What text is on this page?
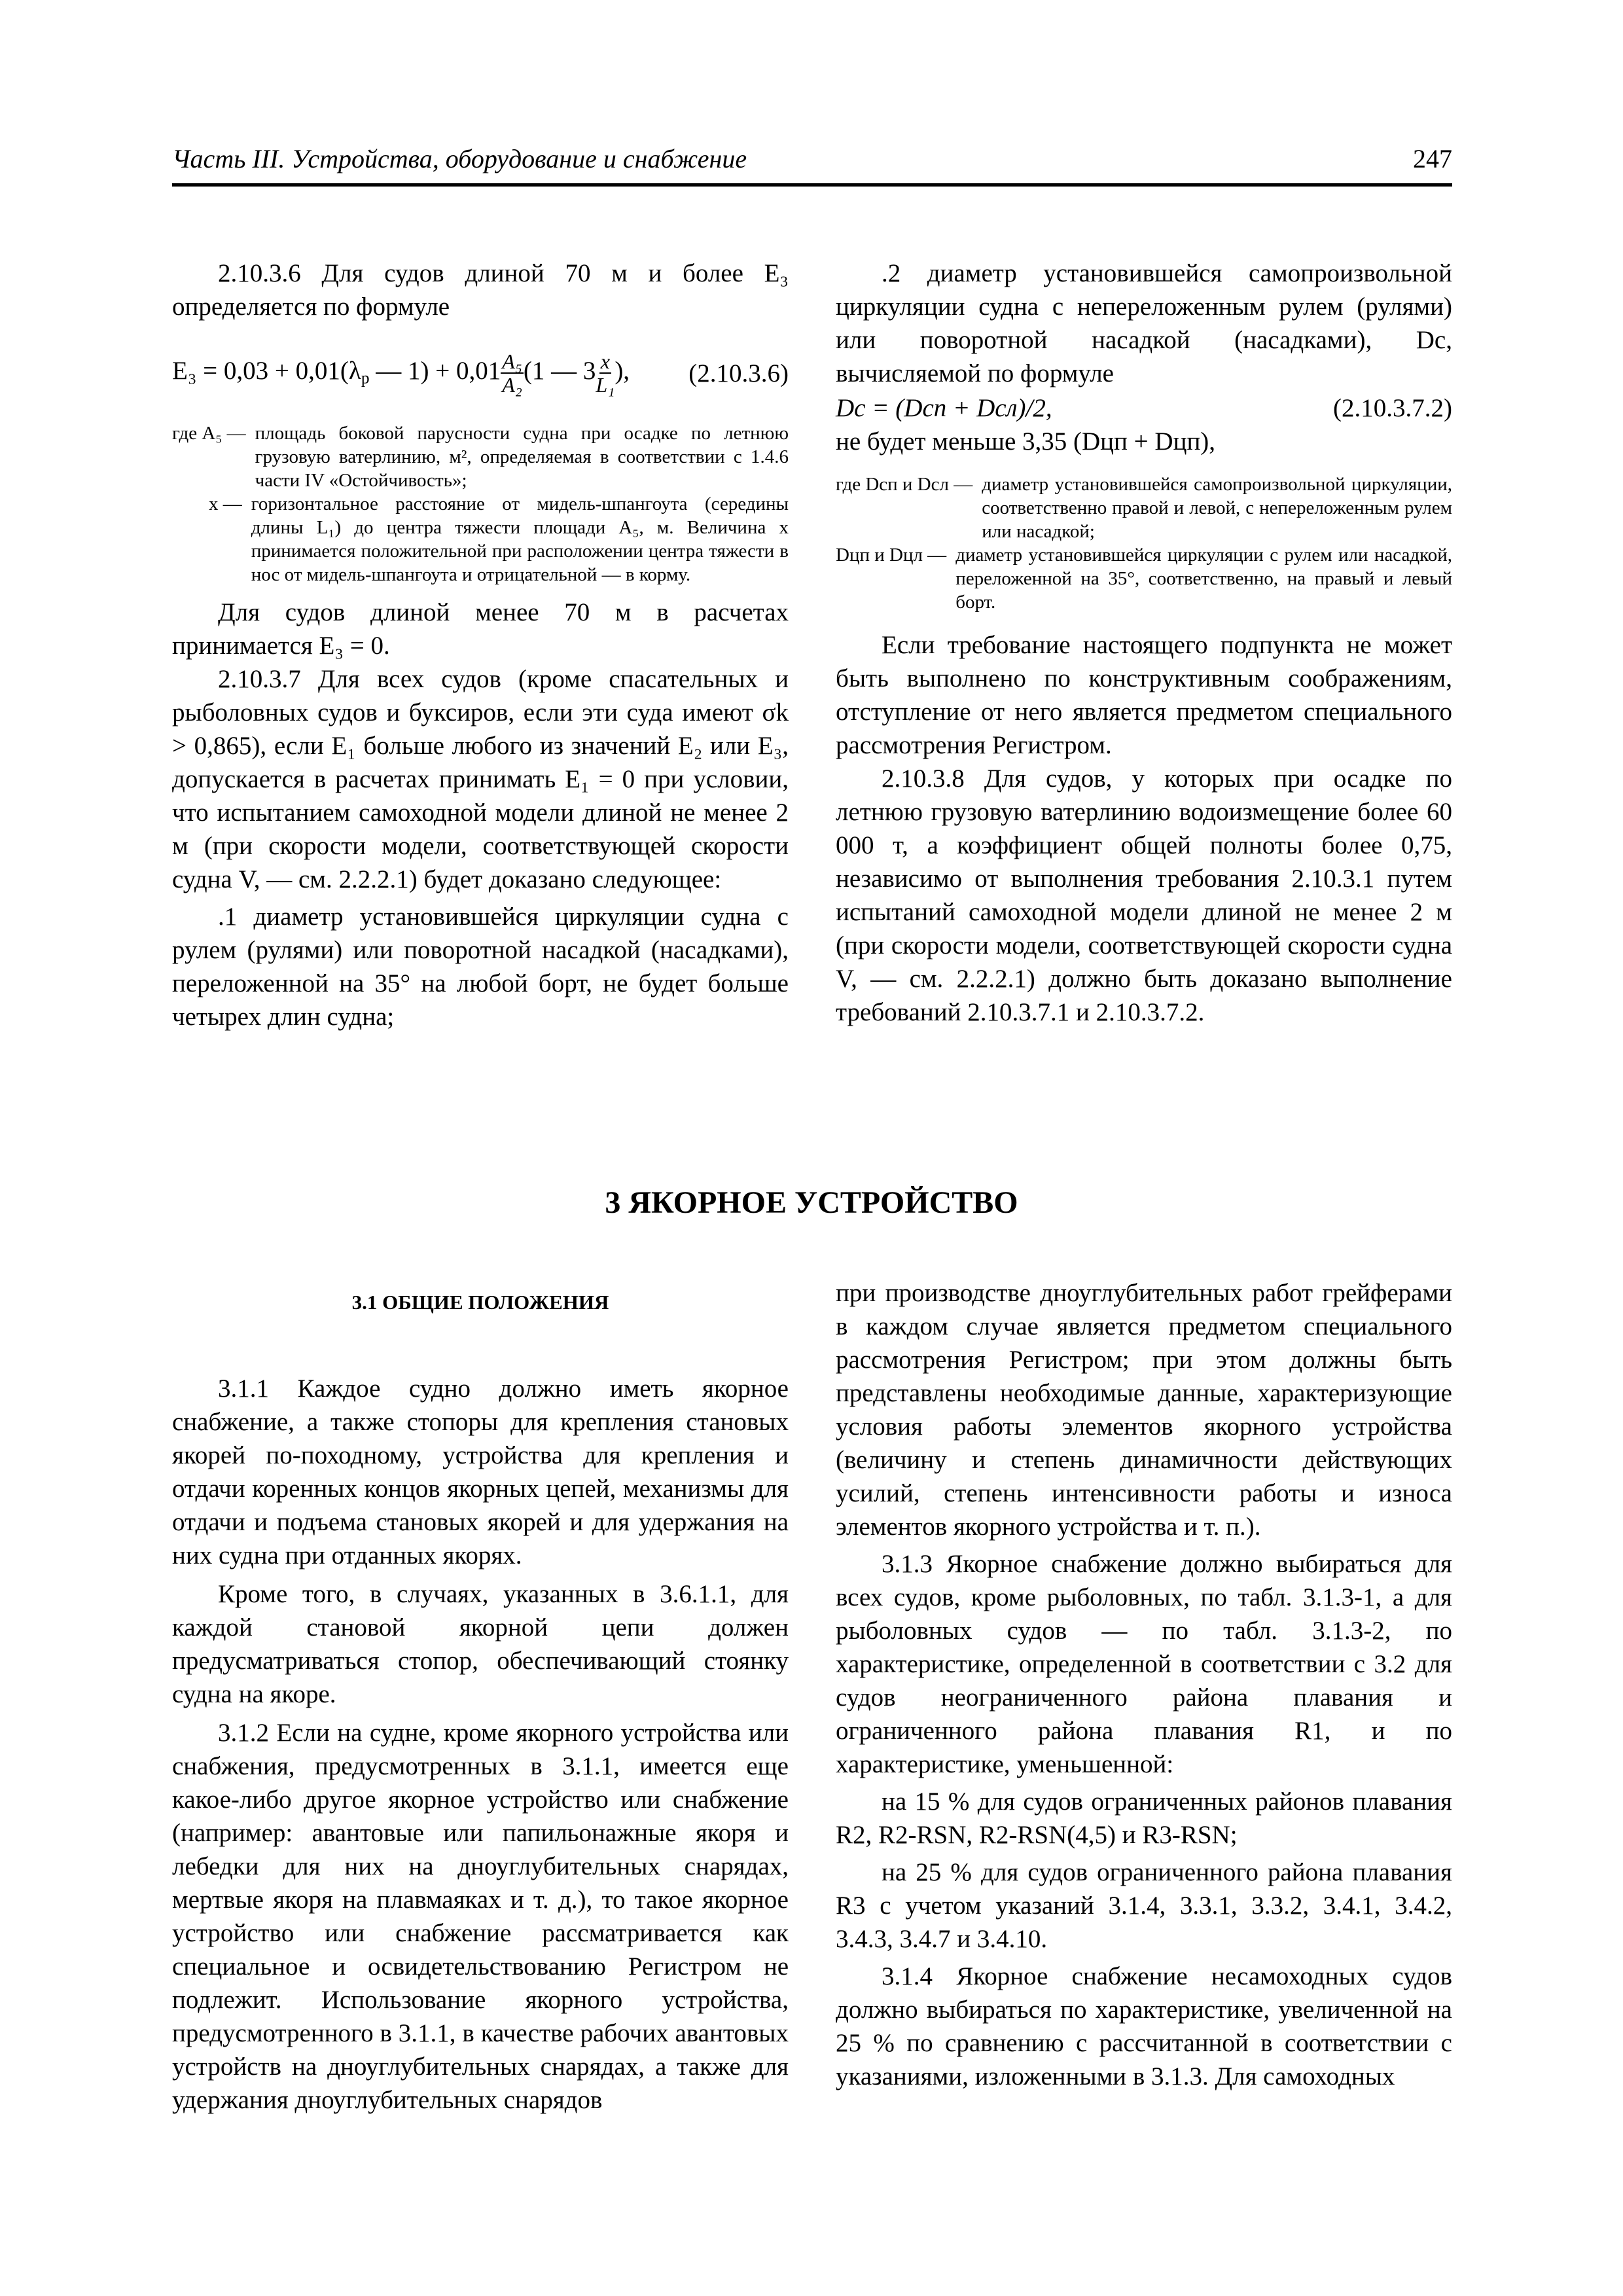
Часть III. Устройства, оборудование и снабжение	247

2.10.3.6 Для судов длиной 70 м и более E₃ определяется по формуле

$E_3 = 0,03 + 0,01(\lambda_р$ — $1) + 0,01 \frac{\text{A₅}}{\text{A₂}} (1$ — $3 \frac{x}{\text{L₁}}$ ), (2.10.3.6)
где A₅ — площадь боковой парусности судна при осадке по летнюю грузовую ватерлинию, м², определяемая в соответствии с 1.4.6 части IV «Остойчивость»;
x — горизонтальное расстояние от мидель-шпангоута (середины длины L₁) до центра тяжести площади A₅, м. Величина x принимается положительной при расположении центра тяжести в нос от мидель-шпангоута и отрицательной — в корму.

Для судов длиной менее 70 м в расчетах принимается E₃ = 0.

2.10.3.7 Для всех судов (кроме спасательных и рыболовных судов и буксиров, если эти суда имеют σk > 0,865), если E₁ больше любого из значений E₂ или E₃, допускается в расчетах принимать E₁ = 0 при условии, что испытанием самоходной модели длиной не менее 2 м (при скорости модели, соответствующей скорости судна V, — см. 2.2.2.1) будет доказано следующее:

.1 диаметр установившейся циркуляции судна с рулем (рулями) или поворотной насадкой (насадками), переложенной на 35° на любой борт, не будет больше четырех длин судна;

.2 диаметр установившейся самопроизвольной циркуляции судна с непереложенным рулем (рулями) или поворотной насадкой (насадками), Dc, вычисляемой по формуле

Dc = (Dсп + Dсл)/2,	(2.10.3.7.2)

не будет меньше 3,35 (Dцп + Dцп),

где Dсп и Dсл — диаметр установившейся самопроизвольной циркуляции, соответственно правой и левой, с непереложенным рулем или насадкой;
Dцп и Dцл — диаметр установившейся циркуляции с рулем или насадкой, переложенной на 35°, соответственно, на правый и левый борт.

Если требование настоящего подпункта не может быть выполнено по конструктивным соображениям, отступление от него является предметом специального рассмотрения Регистром.

2.10.3.8 Для судов, у которых при осадке по летнюю грузовую ватерлинию водоизмещение более 60 000 т, а коэффициент общей полноты более 0,75, независимо от выполнения требования 2.10.3.1 путем испытаний самоходной модели длиной не менее 2 м (при скорости модели, соответствующей скорости судна V, — см. 2.2.2.1) должно быть доказано выполнение требований 2.10.3.7.1 и 2.10.3.7.2.

3 ЯКОРНОЕ УСТРОЙСТВО
3.1 ОБЩИЕ ПОЛОЖЕНИЯ

3.1.1 Каждое судно должно иметь якорное снабжение, а также стопоры для крепления становых якорей по-походному, устройства для крепления и отдачи коренных концов якорных цепей, механизмы для отдачи и подъема становых якорей и для удержания на них судна при отданных якорях.

Кроме того, в случаях, указанных в 3.6.1.1, для каждой становой якорной цепи должен предусматриваться стопор, обеспечивающий стоянку судна на якоре.

3.1.2 Если на судне, кроме якорного устройства или снабжения, предусмотренных в 3.1.1, имеется еще какое-либо другое якорное устройство или снабжение (например: авантовые или папильонажные якоря и лебедки для них на дноуглубительных снарядах, мертвые якоря на плавмаяках и т. д.), то такое якорное устройство или снабжение рассматривается как специальное и освидетельствованию Регистром не подлежит. Использование якорного устройства, предусмотренного в 3.1.1, в качестве рабочих авантовых устройств на дноуглубительных снарядах, а также для удержания дноуглубительных снарядов

при производстве дноуглубительных работ грейферами в каждом случае является предметом специального рассмотрения Регистром; при этом должны быть представлены необходимые данные, характеризующие условия работы элементов якорного устройства (величину и степень динамичности действующих усилий, степень интенсивности работы и износа элементов якорного устройства и т. п.).

3.1.3 Якорное снабжение должно выбираться для всех судов, кроме рыболовных, по табл. 3.1.3-1, а для рыболовных судов — по табл. 3.1.3-2, по характеристике, определенной в соответствии с 3.2 для судов неограниченного района плавания и ограниченного района плавания R1, и по характеристике, уменьшенной:

на 15 % для судов ограниченных районов плавания R2, R2-RSN, R2-RSN(4,5) и R3-RSN;

на 25 % для судов ограниченного района плавания R3 с учетом указаний 3.1.4, 3.3.1, 3.3.2, 3.4.1, 3.4.2, 3.4.3, 3.4.7 и 3.4.10.

3.1.4 Якорное снабжение несамоходных судов должно выбираться по характеристике, увеличенной на 25 % по сравнению с рассчитанной в соответствии с указаниями, изложенными в 3.1.3. Для самоходных
